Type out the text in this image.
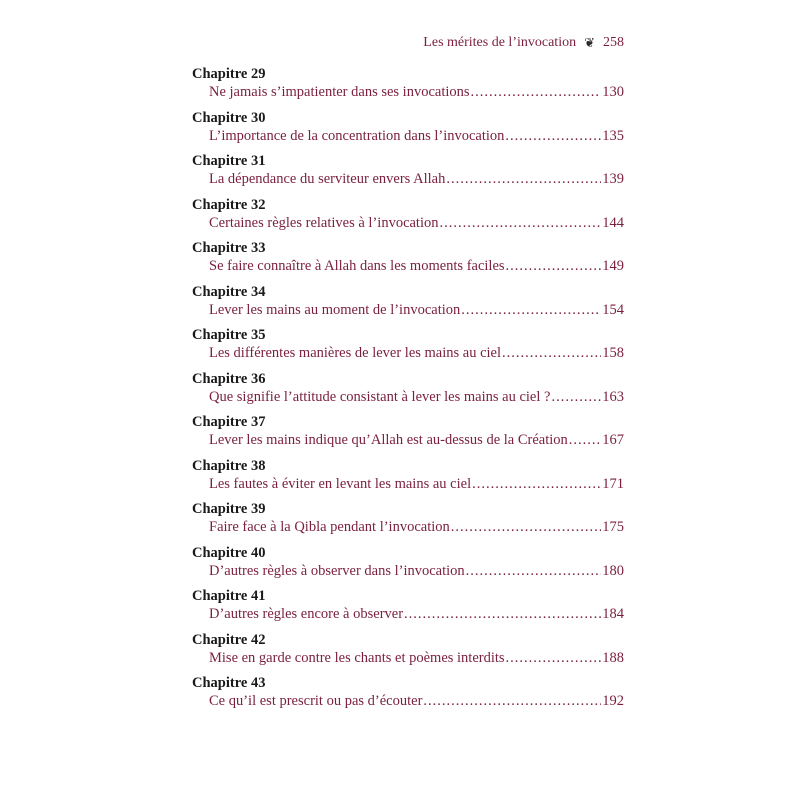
Les mérites de l’invocation ❦ 258
Chapitre 29
Ne jamais s’impatienter dans ses invocations .....	130
Chapitre 30
L’importance de la concentration dans l’invocation .....	135
Chapitre 31
La dépendance du serviteur envers Allah .....	139
Chapitre 32
Certaines règles relatives à l’invocation .....	144
Chapitre 33
Se faire connaître à Allah dans les moments faciles .....	149
Chapitre 34
Lever les mains au moment de l’invocation .....	154
Chapitre 35
Les différentes manières de lever les mains au ciel .....	158
Chapitre 36
Que signifie l’attitude consistant à lever les mains au ciel ? .....	163
Chapitre 37
Lever les mains indique qu’Allah est au-dessus de la Création ..... 167
Chapitre 38
Les fautes à éviter en levant les mains au ciel .....	171
Chapitre 39
Faire face à la Qibla pendant l’invocation .....	175
Chapitre 40
D’autres règles à observer dans l’invocation .....	180
Chapitre 41
D’autres règles encore à observer .....	184
Chapitre 42
Mise en garde contre les chants et poèmes interdits .....	188
Chapitre 43
Ce qu’il est prescrit ou pas d’écouter .....	192
